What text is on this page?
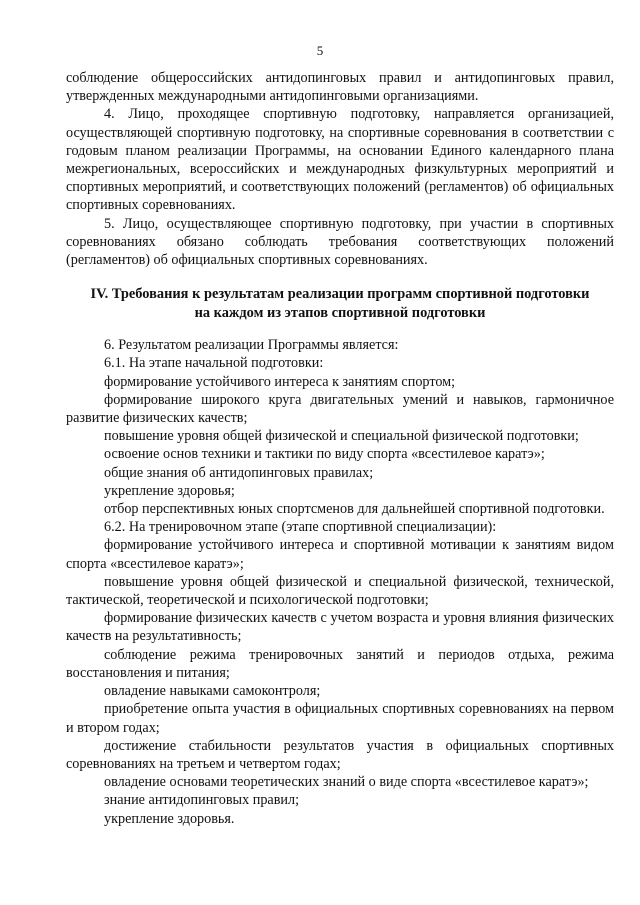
5

соблюдение общероссийских антидопинговых правил и антидопинговых правил, утвержденных международными антидопинговыми организациями.

4. Лицо, проходящее спортивную подготовку, направляется организацией, осуществляющей спортивную подготовку, на спортивные соревнования в соответствии с годовым планом реализации Программы, на основании Единого календарного плана межрегиональных, всероссийских и международных физкультурных мероприятий и спортивных мероприятий, и соответствующих положений (регламентов) об официальных спортивных соревнованиях.

5. Лицо, осуществляющее спортивную подготовку, при участии в спортивных соревнованиях обязано соблюдать требования соответствующих положений (регламентов) об официальных спортивных соревнованиях.

IV. Требования к результатам реализации программ спортивной подготовки
на каждом из этапов спортивной подготовки

6. Результатом реализации Программы является:

6.1. На этапе начальной подготовки:

формирование устойчивого интереса к занятиям спортом;

формирование широкого круга двигательных умений и навыков, гармоничное развитие физических качеств;

повышение уровня общей физической и специальной физической подготовки;

освоение основ техники и тактики по виду спорта «всестилевое каратэ»;

общие знания об антидопинговых правилах;

укрепление здоровья;

отбор перспективных юных спортсменов для дальнейшей спортивной подготовки.

6.2. На тренировочном этапе (этапе спортивной специализации):

формирование устойчивого интереса и спортивной мотивации к занятиям видом спорта «всестилевое каратэ»;

повышение уровня общей физической и специальной физической, технической, тактической, теоретической и психологической подготовки;

формирование физических качеств с учетом возраста и уровня влияния физических качеств на результативность;

соблюдение режима тренировочных занятий и периодов отдыха, режима восстановления и питания;

овладение навыками самоконтроля;

приобретение опыта участия в официальных спортивных соревнованиях на первом и втором годах;

достижение стабильности результатов участия в официальных спортивных соревнованиях на третьем и четвертом годах;

овладение основами теоретических знаний о виде спорта «всестилевое каратэ»;

знание антидопинговых правил;

укрепление здоровья.
